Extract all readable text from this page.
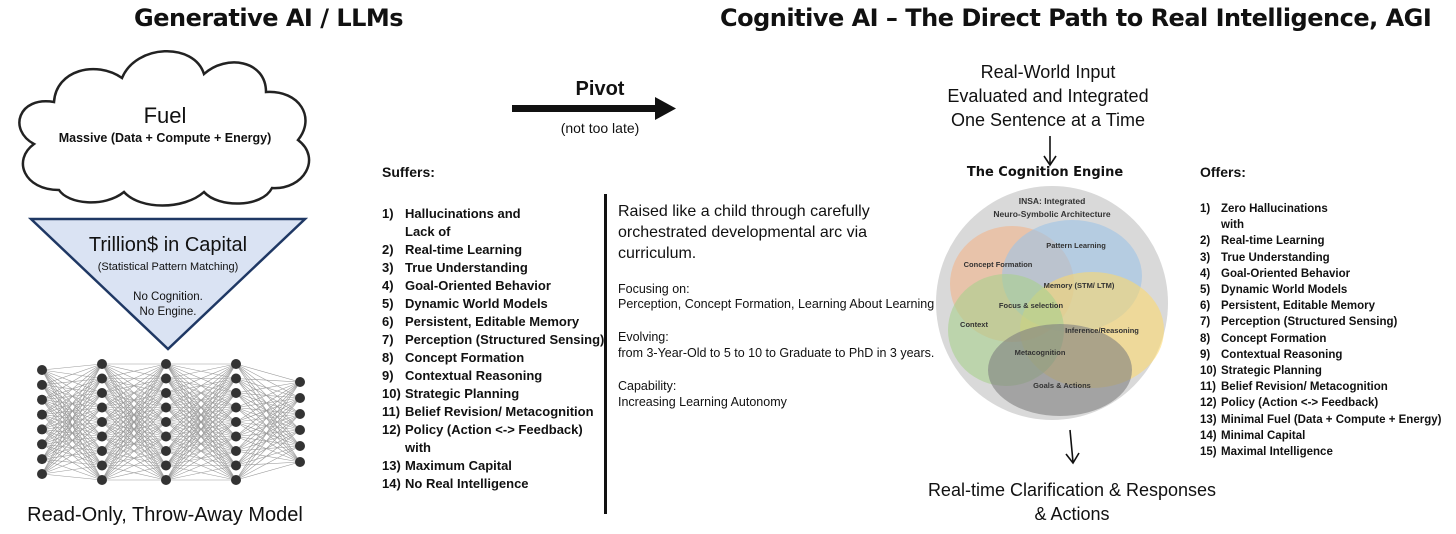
Generative AI / LLMs	Cognitive AI – The Direct Path to Real Intelligence, AGI
Fuel
Massive (Data + Compute + Energy)
Trillion$ in Capital
(Statistical Pattern Matching)
No Cognition.
No Engine.
Read-Only, Throw-Away Model
Pivot
(not too late)
Suffers:
1) Hallucinations and
Lack of
2) Real-time Learning
3) True Understanding
4) Goal-Oriented Behavior
5) Dynamic World Models
6) Persistent, Editable Memory
7) Perception (Structured Sensing)
8) Concept Formation
9) Contextual Reasoning
10) Strategic Planning
11) Belief Revision/ Metacognition
12) Policy (Action <-> Feedback)
with
13) Maximum Capital
14) No Real Intelligence
Raised like a child through carefully
orchestrated developmental arc via
curriculum.
Focusing on:
Perception, Concept Formation, Learning About Learning
Evolving:
from 3-Year-Old to 5 to 10 to Graduate to PhD in 3 years.
Capability:
Increasing Learning Autonomy
Real-World Input
Evaluated and Integrated
One Sentence at a Time
The Cognition Engine
INSA: Integrated
Neuro-Symbolic Architecture
Pattern Learning
Concept Formation
Memory (STM/ LTM)
Focus & selection
Context
Inference/Reasoning
Metacognition
Goals & Actions
Real-time Clarification & Responses
& Actions
Offers:
1) Zero Hallucinations
with
2) Real-time Learning
3) True Understanding
4) Goal-Oriented Behavior
5) Dynamic World Models
6) Persistent, Editable Memory
7) Perception (Structured Sensing)
8) Concept Formation
9) Contextual Reasoning
10) Strategic Planning
11) Belief Revision/ Metacognition
12) Policy (Action <-> Feedback)
13) Minimal Fuel (Data + Compute + Energy)
14) Minimal Capital
15) Maximal Intelligence
